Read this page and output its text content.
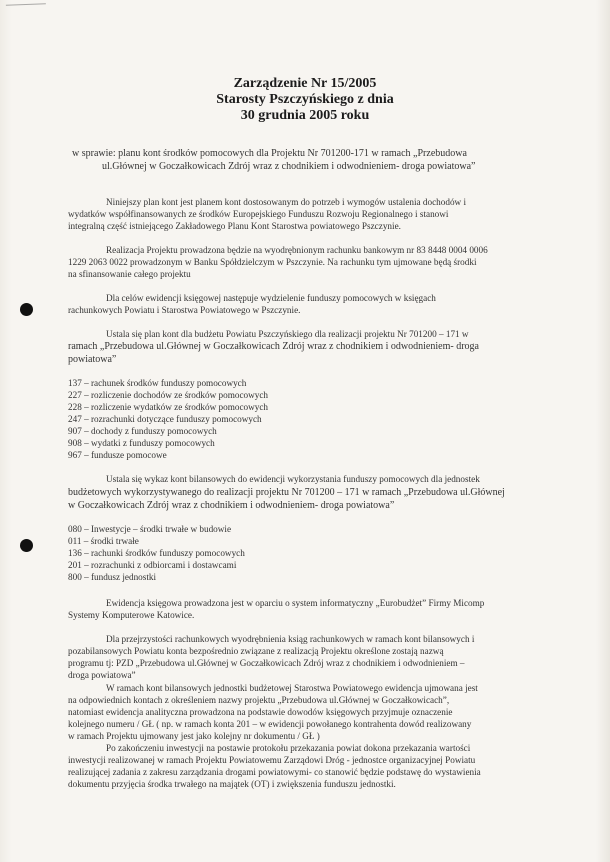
Zarządzenie Nr 15/2005
Starosty Pszczyńskiego z dnia
30 grudnia 2005 roku
w sprawie: planu kont środków pomocowych dla Projektu Nr 701200-171 w ramach „Przebudowa
ul.Głównej w Goczałkowicach Zdrój wraz z chodnikiem i odwodnieniem- droga powiatowa”
Niniejszy plan kont jest planem kont dostosowanym do potrzeb i wymogów ustalenia dochodów i
wydatków współfinansowanych ze środków Europejskiego Funduszu Rozwoju Regionalnego i stanowi
integralną część istniejącego Zakładowego Planu Kont Starostwa powiatowego Pszczynie.
Realizacja Projektu prowadzona będzie na wyodrębnionym rachunku bankowym nr 83 8448 0004 0006
1229 2063 0022 prowadzonym w Banku Spółdzielczym w Pszczynie. Na rachunku tym ujmowane będą środki
na sfinansowanie całego projektu
Dla celów ewidencji księgowej następuje wydzielenie funduszy pomocowych w księgach
rachunkowych Powiatu i Starostwa Powiatowego w Pszczynie.
Ustala się plan kont dla budżetu Powiatu Pszczyńskiego dla realizacji projektu Nr 701200 – 171 w
ramach „Przebudowa ul.Głównej w Goczałkowicach Zdrój wraz z chodnikiem i odwodnieniem- droga
powiatowa”
137 – rachunek środków funduszy pomocowych
227 – rozliczenie dochodów ze środków pomocowych
228 – rozliczenie wydatków ze środków pomocowych
247 – rozrachunki dotyczące funduszy pomocowych
907 – dochody z funduszy pomocowych
908 – wydatki z funduszy pomocowych
967 – fundusze pomocowe
Ustala się wykaz kont bilansowych do ewidencji wykorzystania funduszy pomocowych dla jednostek
budżetowych wykorzystywanego do realizacji projektu Nr 701200 – 171 w ramach „Przebudowa ul.Głównej
w Goczałkowicach Zdrój wraz z chodnikiem i odwodnieniem- droga powiatowa”
080 – Inwestycje – środki trwałe w budowie
011 – środki trwałe
136 – rachunki środków funduszy pomocowych
201 – rozrachunki z odbiorcami i dostawcami
800 – fundusz jednostki
Ewidencja księgowa prowadzona jest w oparciu o system informatyczny „Eurobudżet” Firmy Micomp
Systemy Komputerowe Katowice.
Dla przejrzystości rachunkowych wyodrębnienia ksiąg rachunkowych w ramach kont bilansowych i
pozabilansowych Powiatu konta bezpośrednio związane z realizacją Projektu określone zostają nazwą
programu tj: PZD „Przebudowa ul.Głównej w Goczałkowicach Zdrój wraz z chodnikiem i odwodnieniem –
droga powiatowa”
W ramach kont bilansowych jednostki budżetowej Starostwa Powiatowego ewidencja ujmowana jest
na odpowiednich kontach z określeniem nazwy projektu „Przebudowa ul.Głównej w Goczałkowicach”,
natomiast ewidencja analityczna prowadzona na podstawie dowodów księgowych przyjmuje oznaczenie
kolejnego numeru / GŁ ( np. w ramach konta 201 – w ewidencji powołanego kontrahenta dowód realizowany
w ramach Projektu ujmowany jest jako kolejny nr dokumentu / GŁ )
Po zakończeniu inwestycji na postawie protokołu przekazania powiat dokona przekazania wartości
inwestycji realizowanej w ramach Projektu Powiatowemu Zarządowi Dróg - jednostce organizacyjnej Powiatu
realizującej zadania z zakresu zarządzania drogami powiatowymi- co stanowić będzie podstawę do wystawienia
dokumentu przyjęcia środka trwałego na majątek (OT) i zwiększenia funduszu jednostki.
